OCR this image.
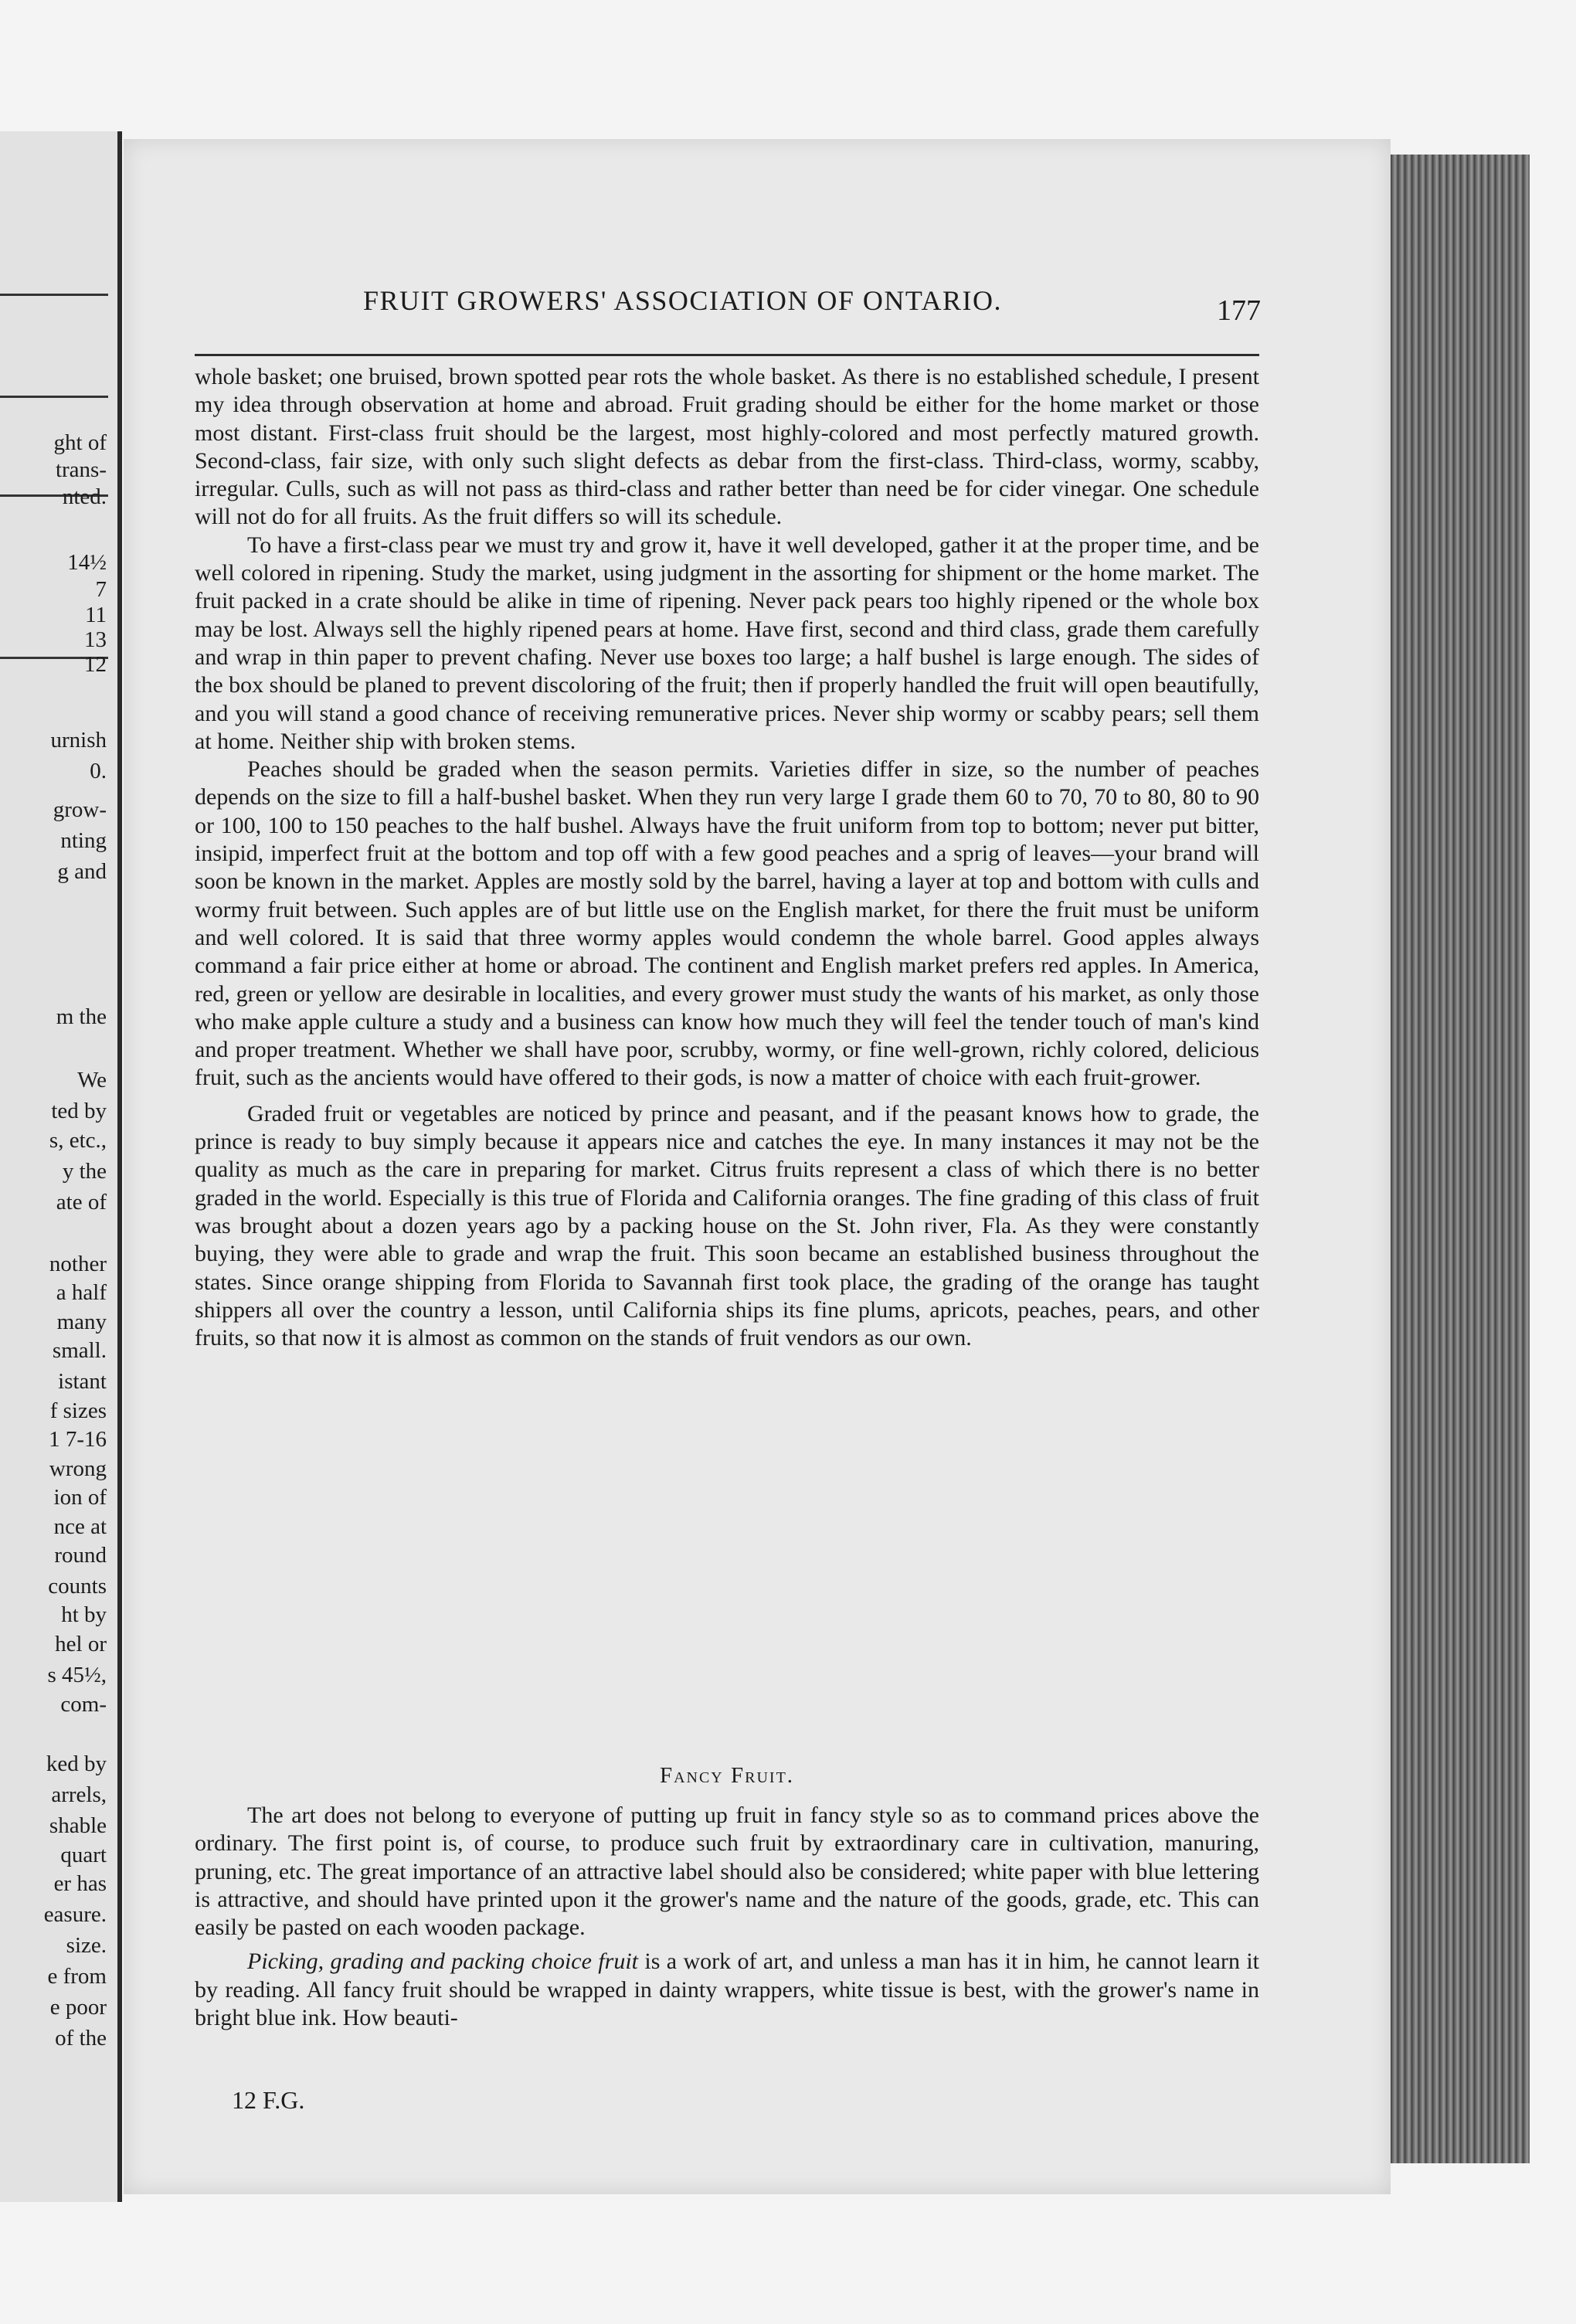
ght of
trans-
nted.
14½
7
11
13
12
urnish
0.
grow-
nting
g and
m the
We
ted by
s, etc.,
y the
ate of
nother
a half
many
small.
istant
f sizes
1 7-16
wrong
ion of
nce at
round
counts
ht by
hel or
s 45½,
com-
ked by
arrels,
shable
quart
er has
easure.
size.
e from
e poor
of the
FRUIT GROWERS' ASSOCIATION OF ONTARIO.	177

whole basket; one bruised, brown spotted pear rots the whole basket. As there is no established schedule, I present my idea through observation at home and abroad. Fruit grading should be either for the home market or those most distant. First-class fruit should be the largest, most highly-colored and most perfectly matured growth. Second-class, fair size, with only such slight defects as debar from the first-class. Third-class, wormy, scabby, irregular. Culls, such as will not pass as third-class and rather better than need be for cider vinegar. One schedule will not do for all fruits. As the fruit differs so will its schedule.

To have a first-class pear we must try and grow it, have it well developed, gather it at the proper time, and be well colored in ripening. Study the market, using judgment in the assorting for shipment or the home market. The fruit packed in a crate should be alike in time of ripening. Never pack pears too highly ripened or the whole box may be lost. Always sell the highly ripened pears at home. Have first, second and third class, grade them carefully and wrap in thin paper to prevent chafing. Never use boxes too large; a half bushel is large enough. The sides of the box should be planed to prevent discoloring of the fruit; then if properly handled the fruit will open beautifully, and you will stand a good chance of receiving remunerative prices. Never ship wormy or scabby pears; sell them at home. Neither ship with broken stems.

Peaches should be graded when the season permits. Varieties differ in size, so the number of peaches depends on the size to fill a half-bushel basket. When they run very large I grade them 60 to 70, 70 to 80, 80 to 90 or 100, 100 to 150 peaches to the half bushel. Always have the fruit uniform from top to bottom; never put bitter, insipid, imperfect fruit at the bottom and top off with a few good peaches and a sprig of leaves—your brand will soon be known in the market. Apples are mostly sold by the barrel, having a layer at top and bottom with culls and wormy fruit between. Such apples are of but little use on the English market, for there the fruit must be uniform and well colored. It is said that three wormy apples would condemn the whole barrel. Good apples always command a fair price either at home or abroad. The continent and English market prefers red apples. In America, red, green or yellow are desirable in localities, and every grower must study the wants of his market, as only those who make apple culture a study and a business can know how much they will feel the tender touch of man's kind and proper treatment. Whether we shall have poor, scrubby, wormy, or fine well-grown, richly colored, delicious fruit, such as the ancients would have offered to their gods, is now a matter of choice with each fruit-grower.

Graded fruit or vegetables are noticed by prince and peasant, and if the peasant knows how to grade, the prince is ready to buy simply because it appears nice and catches the eye. In many instances it may not be the quality as much as the care in preparing for market. Citrus fruits represent a class of which there is no better graded in the world. Especially is this true of Florida and California oranges. The fine grading of this class of fruit was brought about a dozen years ago by a packing house on the St. John river, Fla. As they were constantly buying, they were able to grade and wrap the fruit. This soon became an established business throughout the states. Since orange shipping from Florida to Savannah first took place, the grading of the orange has taught shippers all over the country a lesson, until California ships its fine plums, apricots, peaches, pears, and other fruits, so that now it is almost as common on the stands of fruit vendors as our own.

Fancy Fruit.

The art does not belong to everyone of putting up fruit in fancy style so as to command prices above the ordinary. The first point is, of course, to produce such fruit by extraordinary care in cultivation, manuring, pruning, etc. The great importance of an attractive label should also be considered; white paper with blue lettering is attractive, and should have printed upon it the grower's name and the nature of the goods, grade, etc. This can easily be pasted on each wooden package.

Picking, grading and packing choice fruit is a work of art, and unless a man has it in him, he cannot learn it by reading. All fancy fruit should be wrapped in dainty wrappers, white tissue is best, with the grower's name in bright blue ink. How beauti-

12 F.G.
